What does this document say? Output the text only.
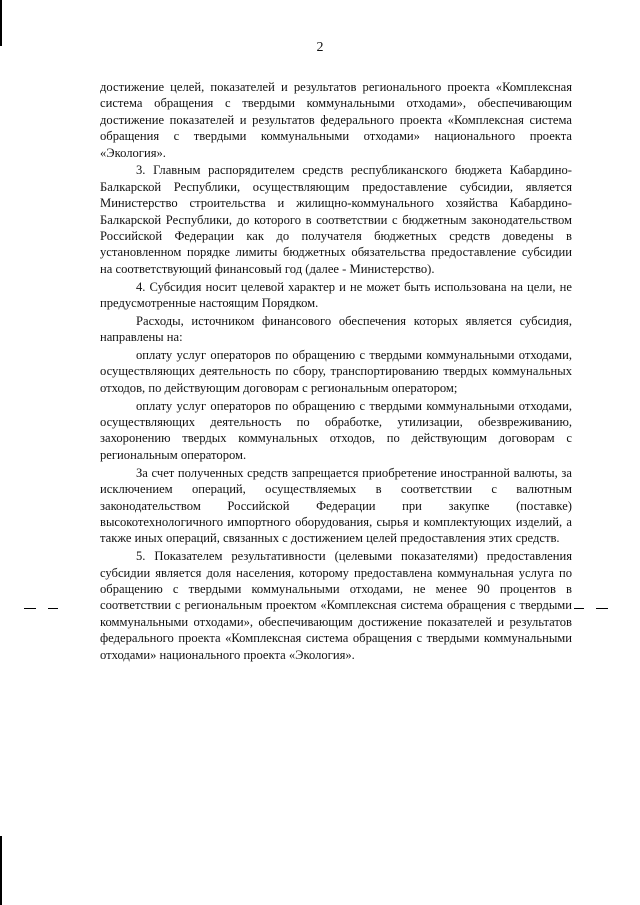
2

достижение целей, показателей и результатов регионального проекта «Комплексная система обращения с твердыми коммунальными отходами», обеспечивающим достижение показателей и результатов федерального проекта «Комплексная система обращения с твердыми коммунальными отходами» национального проекта «Экология».

3. Главным распорядителем средств республиканского бюджета Кабардино-Балкарской Республики, осуществляющим предоставление субсидии, является Министерство строительства и жилищно-коммунального хозяйства Кабардино-Балкарской Республики, до которого в соответствии с бюджетным законодательством Российской Федерации как до получателя бюджетных средств доведены в установленном порядке лимиты бюджетных обязательства предоставление субсидии на соответствующий финансовый год (далее - Министерство).

4. Субсидия носит целевой характер и не может быть использована на цели, не предусмотренные настоящим Порядком.

Расходы, источником финансового обеспечения которых является субсидия, направлены на:

оплату услуг операторов по обращению с твердыми коммунальными отходами, осуществляющих деятельность по сбору, транспортированию твердых коммунальных отходов, по действующим договорам с региональным оператором;

оплату услуг операторов по обращению с твердыми коммунальными отходами, осуществляющих деятельность по обработке, утилизации, обезвреживанию, захоронению твердых коммунальных отходов, по действующим договорам с региональным оператором.

За счет полученных средств запрещается приобретение иностранной валюты, за исключением операций, осуществляемых в соответствии с валютным законодательством Российской Федерации при закупке (поставке) высокотехнологичного импортного оборудования, сырья и комплектующих изделий, а также иных операций, связанных с достижением целей предоставления этих средств.

5. Показателем результативности (целевыми показателями) предоставления субсидии является доля населения, которому предоставлена коммунальная услуга по обращению с твердыми коммунальными отходами, не менее 90 процентов в соответствии с региональным проектом «Комплексная система обращения с твердыми коммунальными отходами», обеспечивающим достижение показателей и результатов федерального проекта «Комплексная система обращения с твердыми коммунальными отходами» национального проекта «Экология».
